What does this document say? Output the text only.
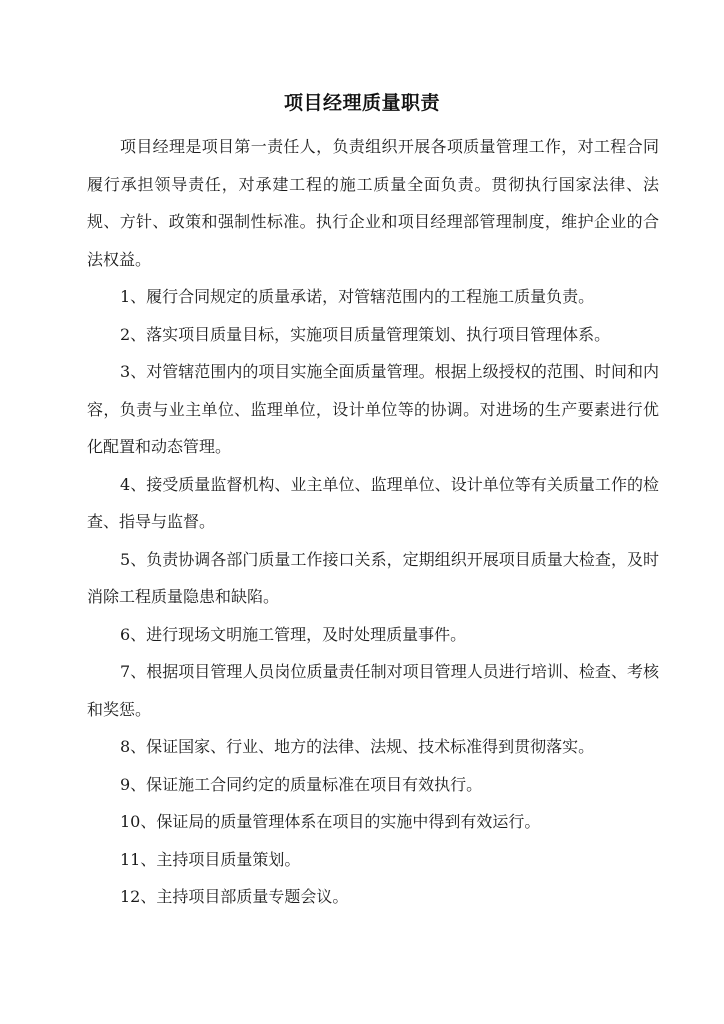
项目经理质量职责

项目经理是项目第一责任人，负责组织开展各项质量管理工作，对工程合同履行承担领导责任，对承建工程的施工质量全面负责。贯彻执行国家法律、法规、方针、政策和强制性标准。执行企业和项目经理部管理制度，维护企业的合法权益。

1、履行合同规定的质量承诺，对管辖范围内的工程施工质量负责。

2、落实项目质量目标，实施项目质量管理策划、执行项目管理体系。

3、对管辖范围内的项目实施全面质量管理。根据上级授权的范围、时间和内容，负责与业主单位、监理单位，设计单位等的协调。对进场的生产要素进行优化配置和动态管理。

4、接受质量监督机构、业主单位、监理单位、设计单位等有关质量工作的检查、指导与监督。

5、负责协调各部门质量工作接口关系，定期组织开展项目质量大检查，及时消除工程质量隐患和缺陷。

6、进行现场文明施工管理，及时处理质量事件。

7、根据项目管理人员岗位质量责任制对项目管理人员进行培训、检查、考核和奖惩。

8、保证国家、行业、地方的法律、法规、技术标准得到贯彻落实。

9、保证施工合同约定的质量标准在项目有效执行。

10、保证局的质量管理体系在项目的实施中得到有效运行。

11、主持项目质量策划。

12、主持项目部质量专题会议。
